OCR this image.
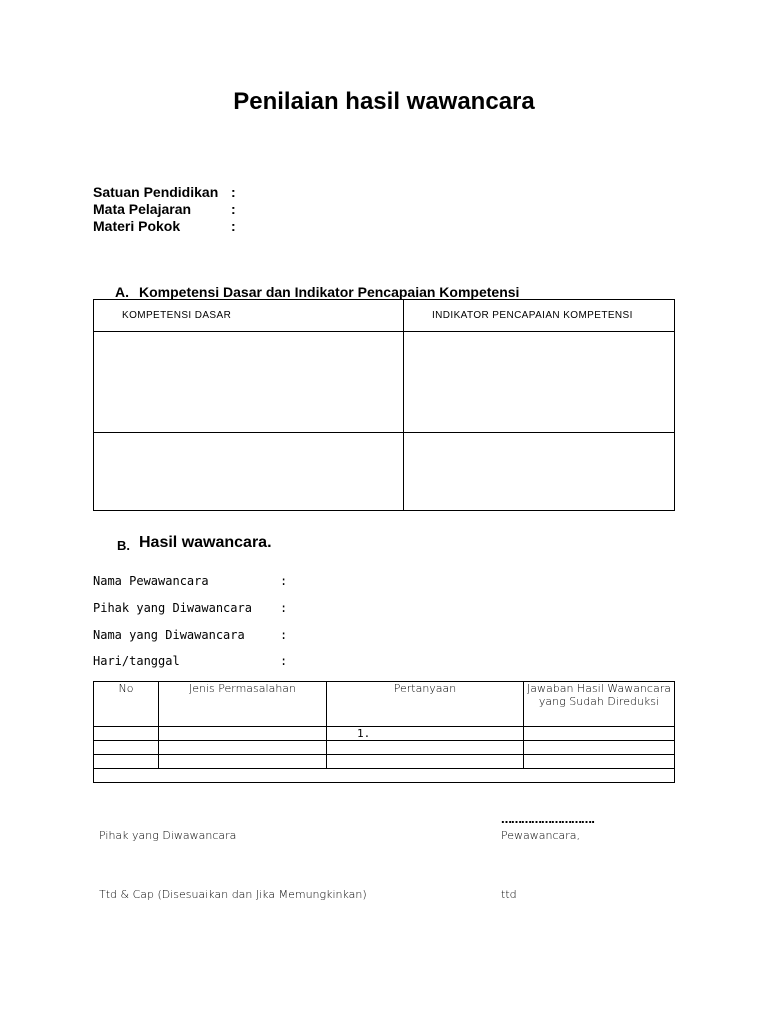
Penilaian hasil wawancara
Satuan Pendidikan :
Mata Pelajaran	:
Materi Pokok	:
A. Kompetensi Dasar dan Indikator Pencapaian Kompetensi
KOMPETENSI DASAR	INDIKATOR PENCAPAIAN KOMPETENSI

B. Hasil wawancara.
Nama Pewawancara	:
Pihak yang Diwawancara :
Nama yang Diwawancara	:
Hari/tanggal	:
No	Jenis Permasalahan	Pertanyaan	Jawaban Hasil Wawancara yang Sudah Direduksi
		1.	

……………………….
Pihak yang Diwawancara	Pewawancara,
Ttd & Cap (Disesuaikan dan Jika Memungkinkan)	ttd
